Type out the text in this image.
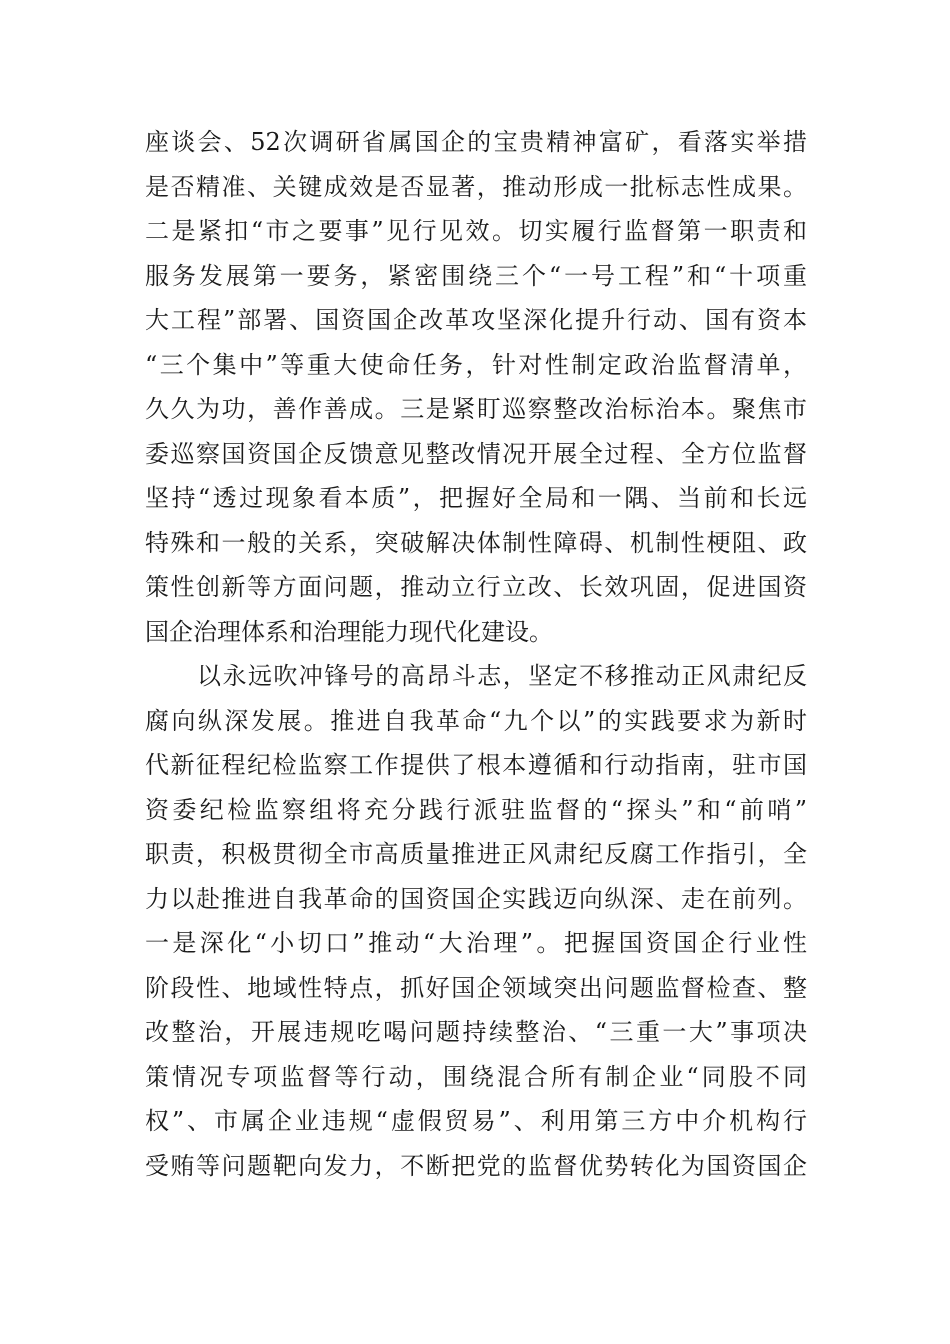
座谈会、52次调研省属国企的宝贵精神富矿，看落实举措
是否精准、关键成效是否显著，推动形成一批标志性成果。
二是紧扣“市之要事”见行见效。切实履行监督第一职责和
服务发展第一要务，紧密围绕三个“一号工程”和“十项重
大工程”部署、国资国企改革攻坚深化提升行动、国有资本
“三个集中”等重大使命任务，针对性制定政治监督清单，
久久为功，善作善成。三是紧盯巡察整改治标治本。聚焦市
委巡察国资国企反馈意见整改情况开展全过程、全方位监督
坚持“透过现象看本质”，把握好全局和一隅、当前和长远
特殊和一般的关系，突破解决体制性障碍、机制性梗阻、政
策性创新等方面问题，推动立行立改、长效巩固，促进国资
国企治理体系和治理能力现代化建设。
以永远吹冲锋号的高昂斗志，坚定不移推动正风肃纪反
腐向纵深发展。推进自我革命“九个以”的实践要求为新时
代新征程纪检监察工作提供了根本遵循和行动指南，驻市国
资委纪检监察组将充分践行派驻监督的“探头”和“前哨”
职责，积极贯彻全市高质量推进正风肃纪反腐工作指引，全
力以赴推进自我革命的国资国企实践迈向纵深、走在前列。
一是深化“小切口”推动“大治理”。把握国资国企行业性
阶段性、地域性特点，抓好国企领域突出问题监督检查、整
改整治，开展违规吃喝问题持续整治、“三重一大”事项决
策情况专项监督等行动，围绕混合所有制企业“同股不同
权”、市属企业违规“虚假贸易”、利用第三方中介机构行
受贿等问题靶向发力，不断把党的监督优势转化为国资国企
